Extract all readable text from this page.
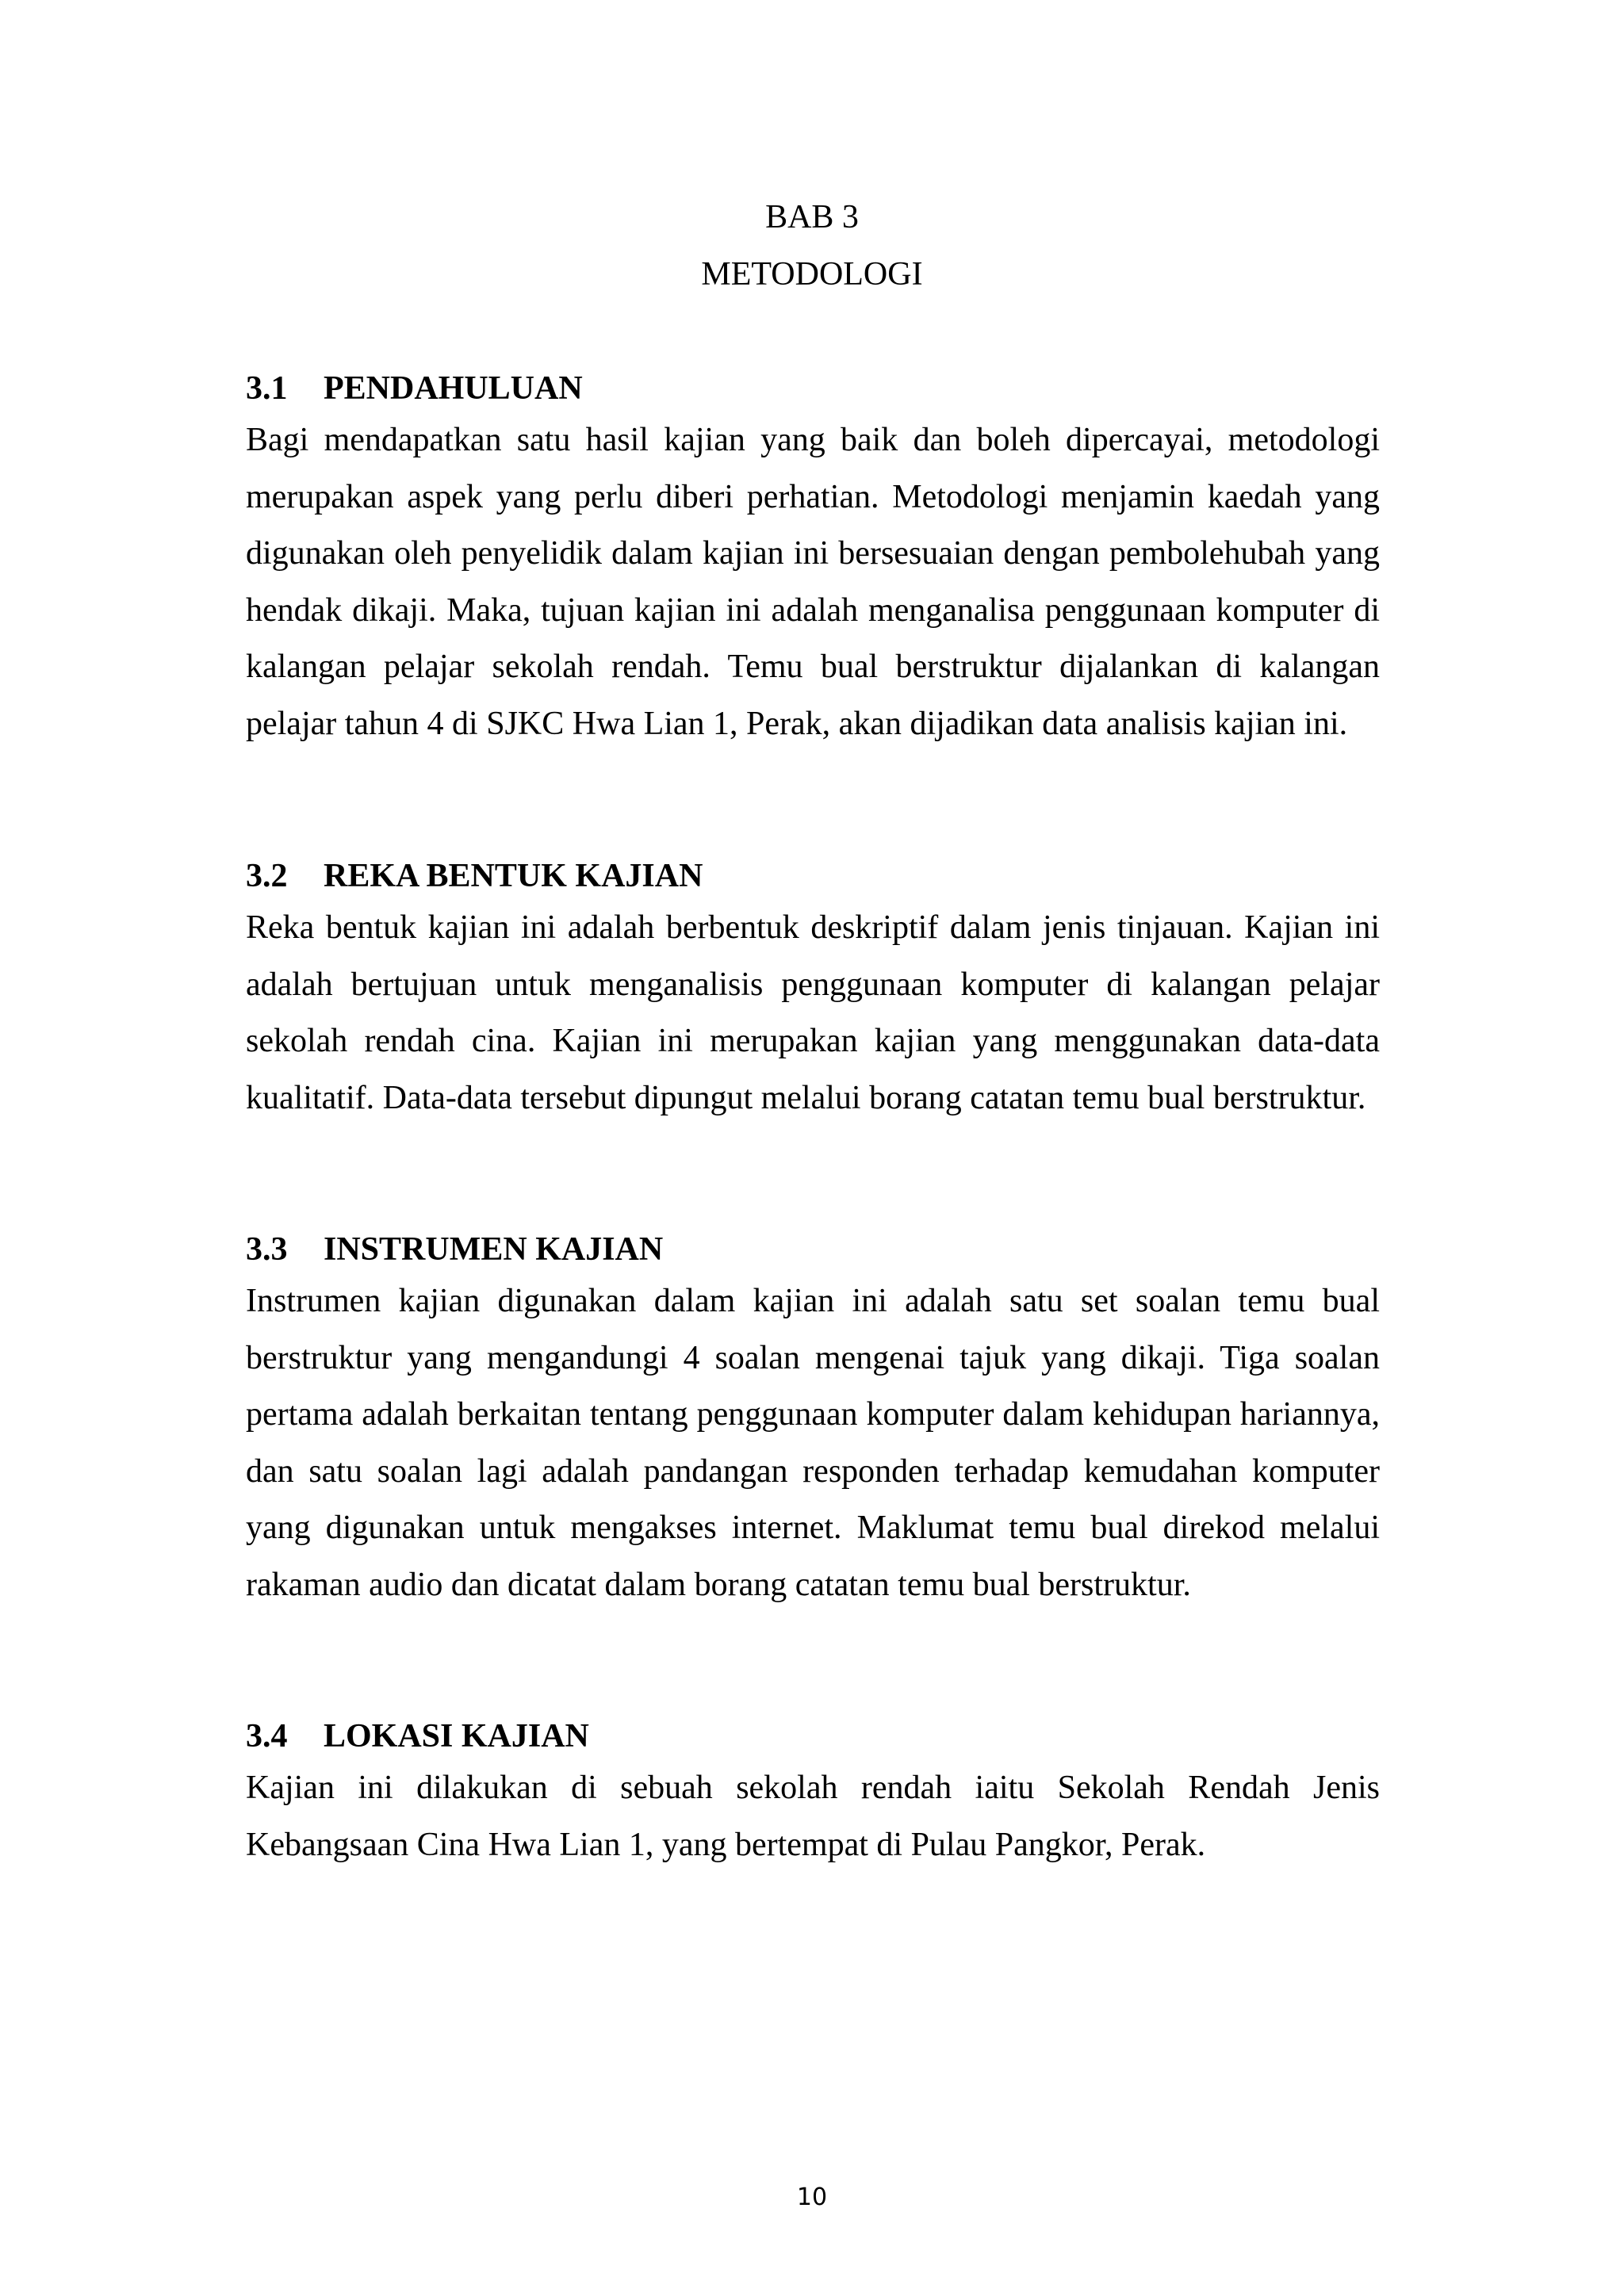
BAB 3
METODOLOGI
3.1	PENDAHULUAN

Bagi mendapatkan satu hasil kajian yang baik dan boleh dipercayai, metodologi merupakan aspek yang perlu diberi perhatian. Metodologi menjamin kaedah yang digunakan oleh penyelidik dalam kajian ini bersesuaian dengan pembolehubah yang hendak dikaji. Maka, tujuan kajian ini adalah menganalisa penggunaan komputer di kalangan pelajar sekolah rendah. Temu bual berstruktur dijalankan di kalangan pelajar tahun 4 di SJKC Hwa Lian 1, Perak, akan dijadikan data analisis kajian ini.

3.2	REKA BENTUK KAJIAN

Reka bentuk kajian ini adalah berbentuk deskriptif dalam jenis tinjauan. Kajian ini adalah bertujuan untuk menganalisis penggunaan komputer di kalangan pelajar sekolah rendah cina. Kajian ini merupakan kajian yang menggunakan data-data kualitatif. Data-data tersebut dipungut melalui borang catatan temu bual berstruktur.

3.3	INSTRUMEN KAJIAN

Instrumen kajian digunakan dalam kajian ini adalah satu set soalan temu bual berstruktur yang mengandungi 4 soalan mengenai tajuk yang dikaji. Tiga soalan pertama adalah berkaitan tentang penggunaan komputer dalam kehidupan hariannya, dan satu soalan lagi adalah pandangan responden terhadap kemudahan komputer yang digunakan untuk mengakses internet. Maklumat temu bual direkod melalui rakaman audio dan dicatat dalam borang catatan temu bual berstruktur.

3.4	LOKASI KAJIAN

Kajian ini dilakukan di sebuah sekolah rendah iaitu Sekolah Rendah Jenis Kebangsaan Cina Hwa Lian 1, yang bertempat di Pulau Pangkor, Perak.

10
